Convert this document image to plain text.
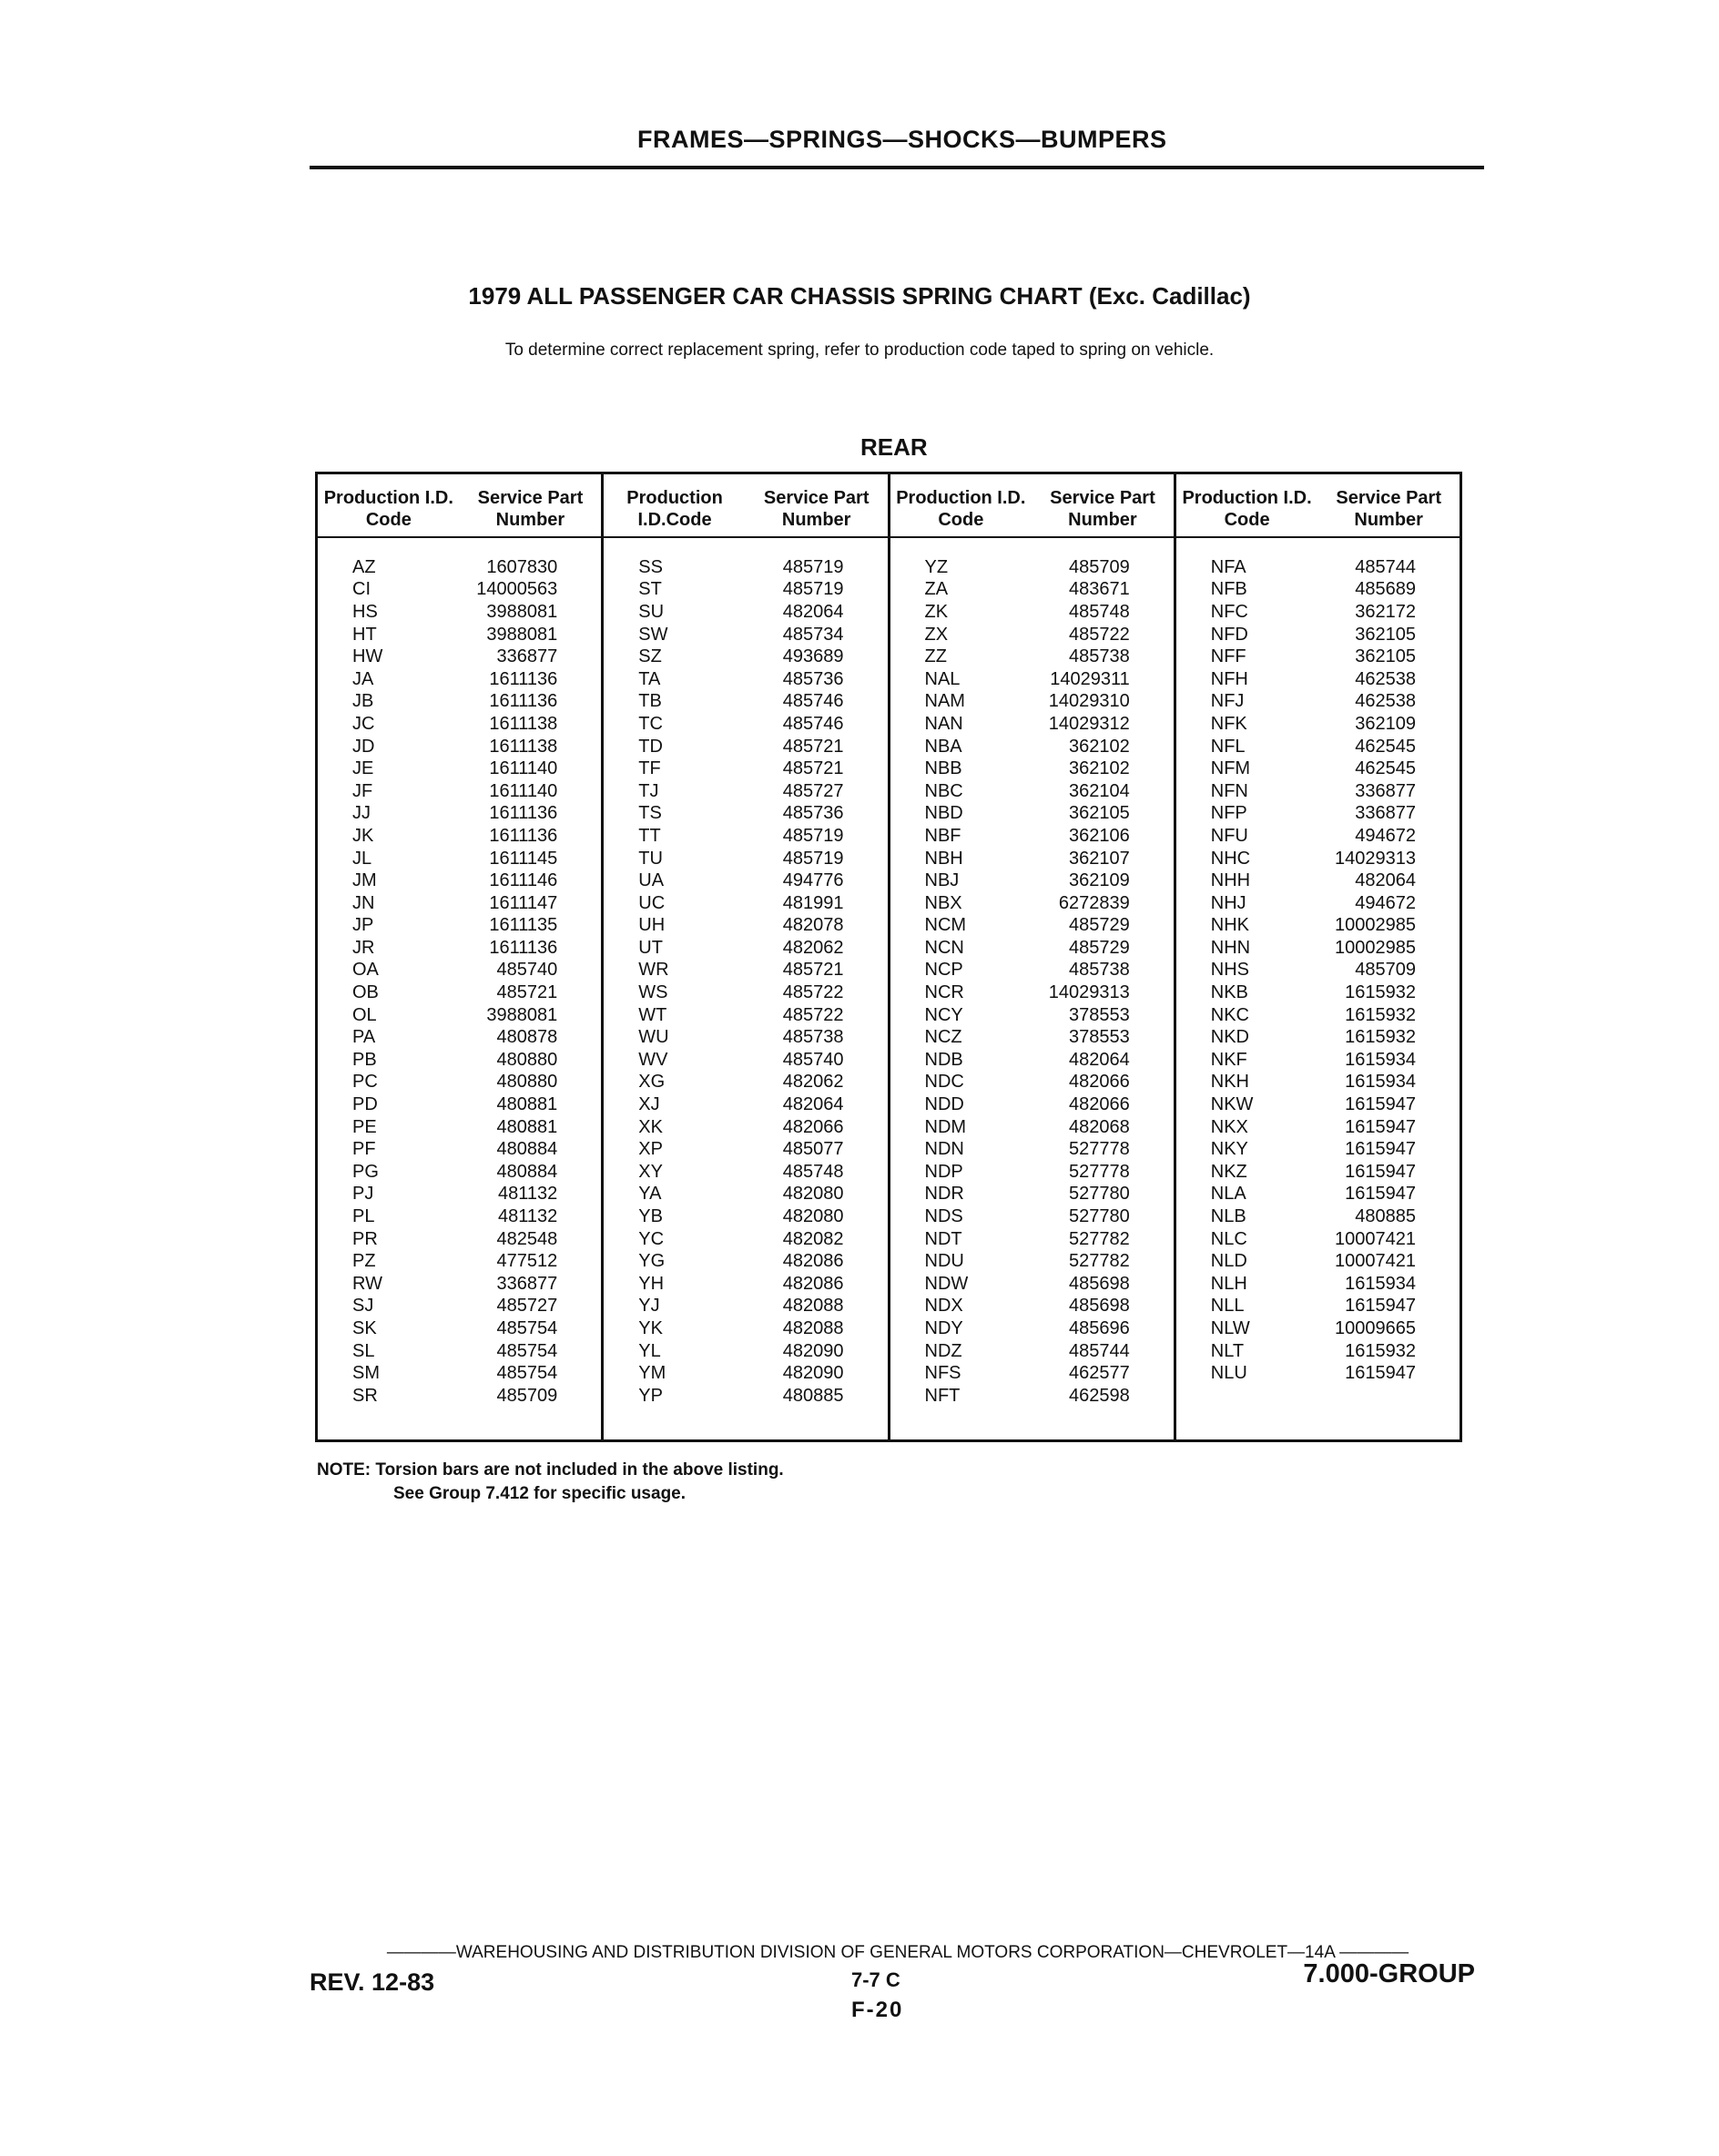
FRAMES—SPRINGS—SHOCKS—BUMPERS
1979 ALL PASSENGER CAR CHASSIS SPRING CHART (Exc. Cadillac)
To determine correct replacement spring, refer to production code taped to spring on vehicle.
REAR
Production I.D. Code
Service Part Number
AZ	1607830
CI	14000563
HS	3988081
HT	3988081
HW	336877
JA	1611136
JB	1611136
JC	1611138
JD	1611138
JE	1611140
JF	1611140
JJ	1611136
JK	1611136
JL	1611145
JM	1611146
JN	1611147
JP	1611135
JR	1611136
OA	485740
OB	485721
OL	3988081
PA	480878
PB	480880
PC	480880
PD	480881
PE	480881
PF	480884
PG	480884
PJ	481132
PL	481132
PR	482548
PZ	477512
RW	336877
SJ	485727
SK	485754
SL	485754
SM	485754
SR	485709
Production I.D.Code
Service Part Number
SS	485719
ST	485719
SU	482064
SW	485734
SZ	493689
TA	485736
TB	485746
TC	485746
TD	485721
TF	485721
TJ	485727
TS	485736
TT	485719
TU	485719
UA	494776
UC	481991
UH	482078
UT	482062
WR	485721
WS	485722
WT	485722
WU	485738
WV	485740
XG	482062
XJ	482064
XK	482066
XP	485077
XY	485748
YA	482080
YB	482080
YC	482082
YG	482086
YH	482086
YJ	482088
YK	482088
YL	482090
YM	482090
YP	480885
Production I.D. Code
Service Part Number
YZ	485709
ZA	483671
ZK	485748
ZX	485722
ZZ	485738
NAL	14029311
NAM	14029310
NAN	14029312
NBA	362102
NBB	362102
NBC	362104
NBD	362105
NBF	362106
NBH	362107
NBJ	362109
NBX	6272839
NCM	485729
NCN	485729
NCP	485738
NCR	14029313
NCY	378553
NCZ	378553
NDB	482064
NDC	482066
NDD	482066
NDM	482068
NDN	527778
NDP	527778
NDR	527780
NDS	527780
NDT	527782
NDU	527782
NDW	485698
NDX	485698
NDY	485696
NDZ	485744
NFS	462577
NFT	462598
Production I.D. Code
Service Part Number
NFA	485744
NFB	485689
NFC	362172
NFD	362105
NFF	362105
NFH	462538
NFJ	462538
NFK	362109
NFL	462545
NFM	462545
NFN	336877
NFP	336877
NFU	494672
NHC	14029313
NHH	482064
NHJ	494672
NHK	10002985
NHN	10002985
NHS	485709
NKB	1615932
NKC	1615932
NKD	1615932
NKF	1615934
NKH	1615934
NKW	1615947
NKX	1615947
NKY	1615947
NKZ	1615947
NLA	1615947
NLB	480885
NLC	10007421
NLD	10007421
NLH	1615934
NLL	1615947
NLW	10009665
NLT	1615932
NLU	1615947
NOTE: Torsion bars are not included in the above listing.
See Group 7.412 for specific usage.
————WAREHOUSING AND DISTRIBUTION DIVISION OF GENERAL MOTORS CORPORATION—CHEVROLET—14A ————
REV. 12-83	7-7 C	7.000-GROUP
F-20
